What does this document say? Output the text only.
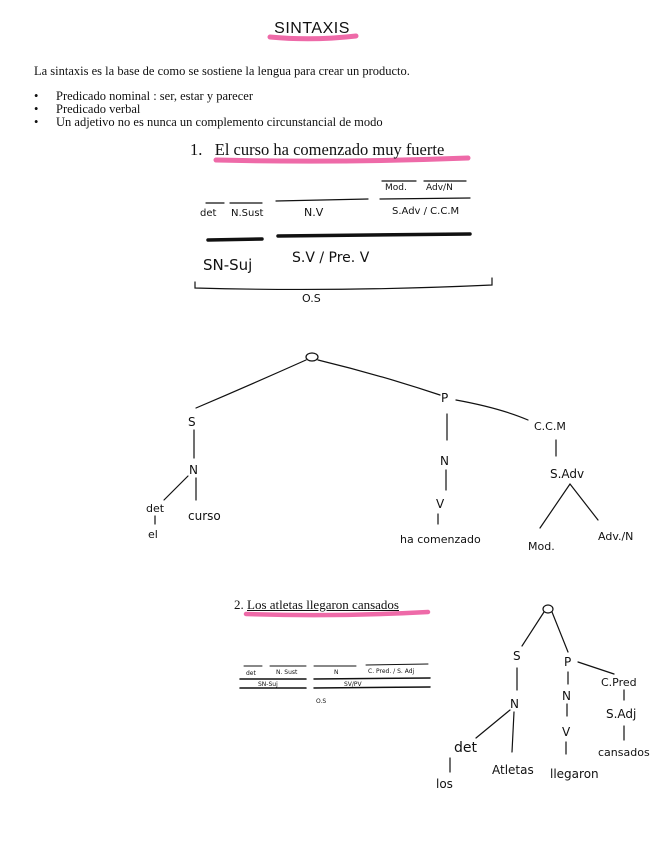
SINTAXIS
La sintaxis es la base de como se sostiene la lengua para crear un producto.
• Predicado nominal : ser, estar y parecer
• Predicado verbal
• Un adjetivo no es nunca un complemento circunstancial de modo
1. El curso ha comenzado muy fuerte
2. Los atletas llegaron cansados
Mod. Adv/N
det N.Sust	N.V	S.Adv / C.C.M
SN-Suj	S.V / Pre. V
O.S
S
N
det
el
curso
P
N
V
ha comenzado
C.C.M
S.Adv
Mod.
Adv./N
det	N. Sust	N	C. Pred. / S. Adj
SN-Suj	SV/PV
O.S
S
N
det
los
Atletas
P
N
V
llegaron
C.Pred
S.Adj
cansados
